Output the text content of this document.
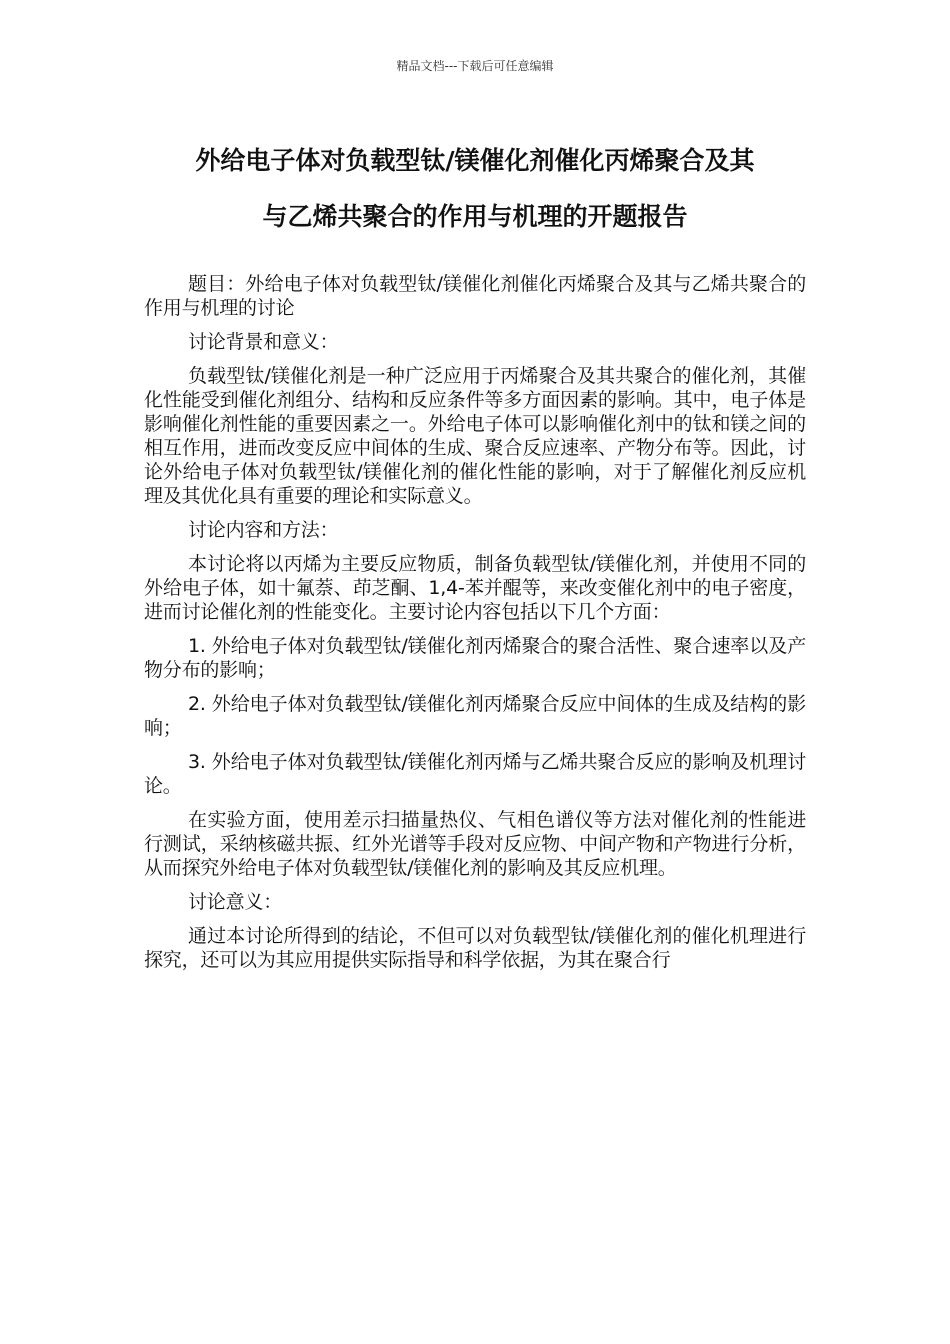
精品文档---下载后可任意编辑
外给电子体对负载型钛/镁催化剂催化丙烯聚合及其
与乙烯共聚合的作用与机理的开题报告

题目：外给电子体对负载型钛/镁催化剂催化丙烯聚合及其与乙烯共聚合的作用与机理的讨论

讨论背景和意义：

负载型钛/镁催化剂是一种广泛应用于丙烯聚合及其共聚合的催化剂，其催化性能受到催化剂组分、结构和反应条件等多方面因素的影响。其中，电子体是影响催化剂性能的重要因素之一。外给电子体可以影响催化剂中的钛和镁之间的相互作用，进而改变反应中间体的生成、聚合反应速率、产物分布等。因此，讨论外给电子体对负载型钛/镁催化剂的催化性能的影响，对于了解催化剂反应机理及其优化具有重要的理论和实际意义。

讨论内容和方法：

本讨论将以丙烯为主要反应物质，制备负载型钛/镁催化剂，并使用不同的外给电子体，如十氟萘、茚芝酮、1,4-苯并醌等，来改变催化剂中的电子密度，进而讨论催化剂的性能变化。主要讨论内容包括以下几个方面：

1. 外给电子体对负载型钛/镁催化剂丙烯聚合的聚合活性、聚合速率以及产物分布的影响；

2. 外给电子体对负载型钛/镁催化剂丙烯聚合反应中间体的生成及结构的影响；

3. 外给电子体对负载型钛/镁催化剂丙烯与乙烯共聚合反应的影响及机理讨论。

在实验方面，使用差示扫描量热仪、气相色谱仪等方法对催化剂的性能进行测试，采纳核磁共振、红外光谱等手段对反应物、中间产物和产物进行分析，从而探究外给电子体对负载型钛/镁催化剂的影响及其反应机理。

讨论意义：

通过本讨论所得到的结论，不但可以对负载型钛/镁催化剂的催化机理进行探究，还可以为其应用提供实际指导和科学依据，为其在聚合行
